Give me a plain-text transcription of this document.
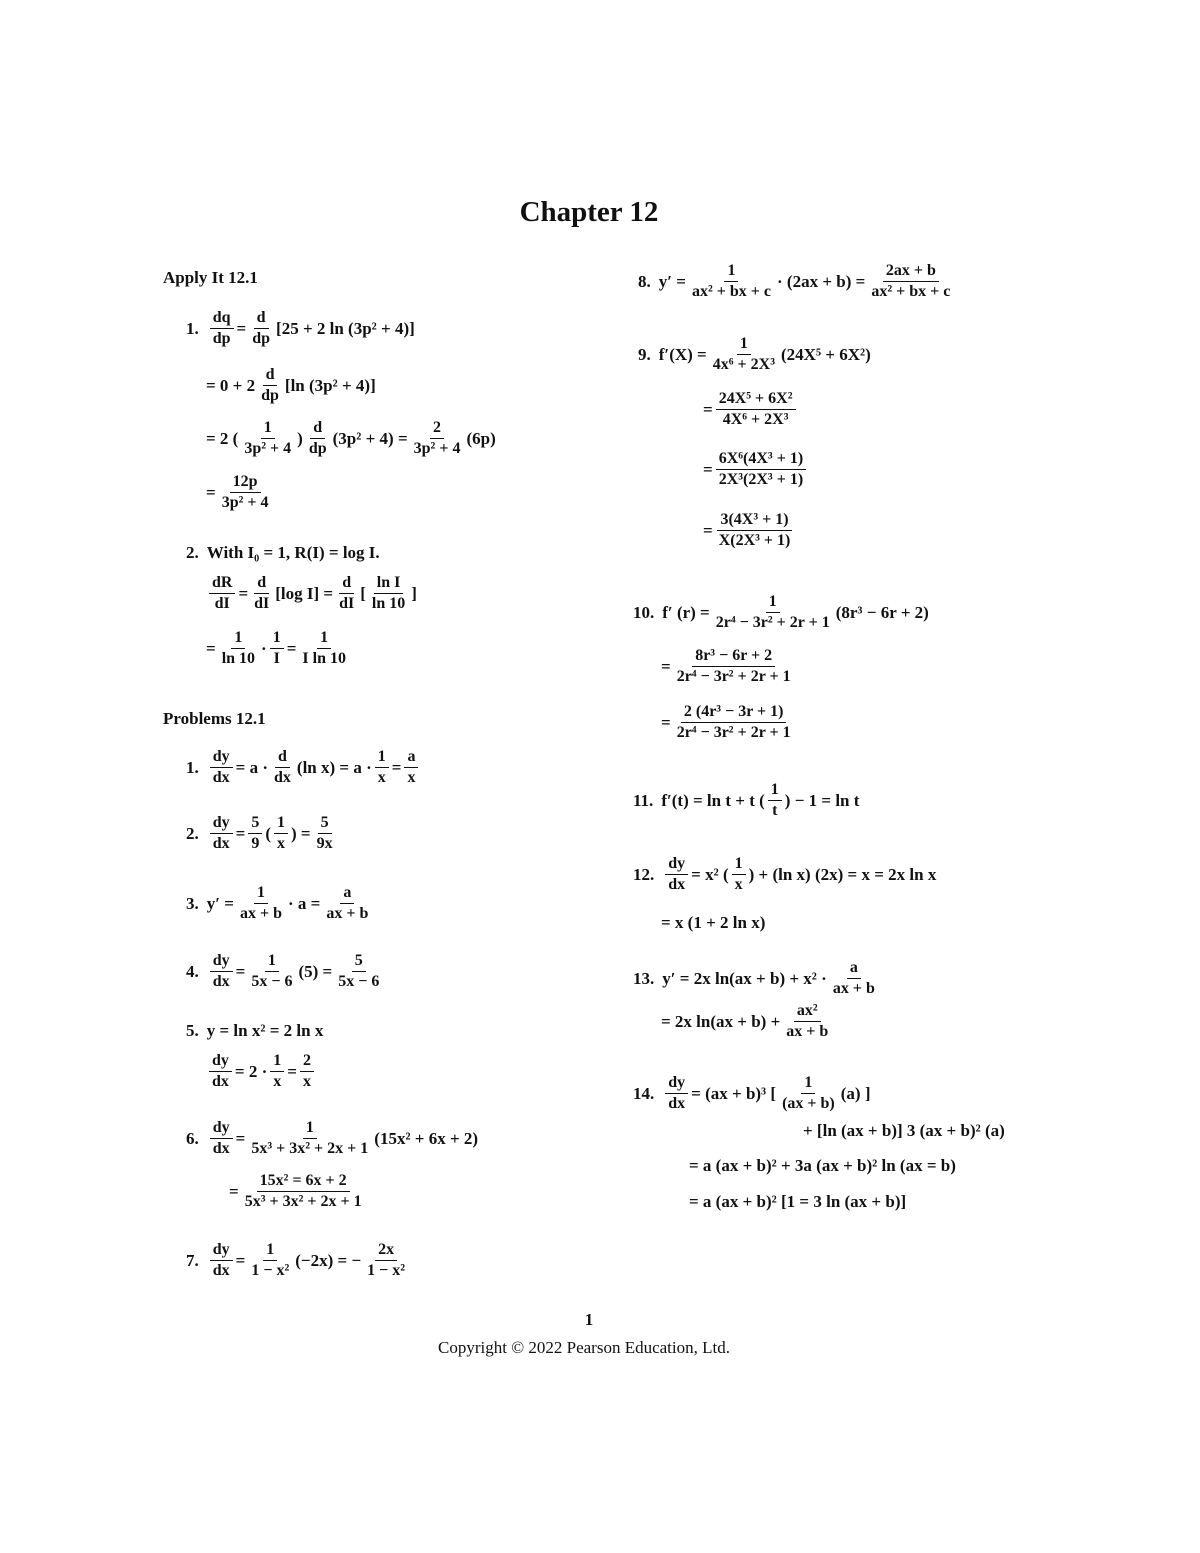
Chapter 12
Apply It 12.1
Problems 12.1
1. $\frac{dq}{dp} = \frac{d}{dp} [25 + 2$ ln (3p² + 4)]
= $0 + 2 \frac{d}{dp} [\ln$ (3p² + 4)]
= 2 ( $\frac{1}{\text{3p² + 4}}$ ) $\frac{d}{dp} (3p^2 + 4) = \frac{2}{\text{3p² + 4}} (6p)$
= $\frac{12p}{\text{3p² + 4}}$
2. With I₀ = 1, R(I) = log I.
$\frac{dR}{dI} = \frac{d}{dI} [\log$ $I] = \frac{d}{dI}$ [ $\frac{\text{ln I}}{\ln 10}$ ]
= $\frac{1}{\ln 10} \cdot \frac{1}{I} = \frac{1}{\text{I ln 10}}$
1. $\frac{dy}{dx} = a \cdot \frac{d}{dx} (\ln$ $x) = a \cdot \frac{1}{x} = \frac{a}{x}$
2. $\frac{dy}{dx} = \frac{5}{9}$ ( $\frac{1}{x}$ ) = $\frac{5}{9x}$
3. $y' = \frac{1}{ax + b} \cdot a = \frac{a}{ax + b}$
4. $\frac{dy}{dx} = \frac{1}{5x - 6} (5) = \frac{5}{5x - 6}$
5. y = ln x² = 2 ln x
$\frac{dy}{dx} = 2 \cdot \frac{1}{x} = \frac{2}{x}$
6. $\frac{dy}{dx} = \frac{1}{\text{5x³ + 3x² + 2x + 1}} (15x^2 + 6x + 2)$
= $\frac{\text{15x² = 6x + 2}}{\text{5x³ + 3x² + 2x + 1}}$
7. $\frac{dy}{dx} = \frac{1}{\text{1 − x²}} (-2x)$ = − $\frac{2x}{\text{1 − x²}}$
8. $y' = \frac{1}{\text{ax² + bx + c}} \cdot (2ax + b) = \frac{2ax + b}{\text{ax² + bx + c}}$
9. $f'(X) = \frac{1}{\text{4x⁶ + 2X³}} (24X^5 + 6X^2)$
= $\frac{\text{24X⁵ + 6X²}}{\text{4X⁶ + 2X³}}$
= $\frac{\text{6X⁶(4X³ + 1)}}{\text{2X³(2X³ + 1)}}$
= $\frac{\text{3(4X³ + 1)}}{\text{X(2X³ + 1)}}$
10. f′ $(r) = \frac{1}{\text{2r⁴ − 3r² + 2r + 1}} (8r^3 - 6r + 2)$
= $\frac{\text{8r³ − 6r + 2}}{\text{2r⁴ − 3r² + 2r + 1}}$
= $\frac{\text{2 (4r³ − 3r + 1)}}{\text{2r⁴ − 3r² + 2r + 1}}$
11. f′(t) = ln t + t ( $\frac{1}{t}$ ) − 1 = ln t
12. $\frac{dy}{dx} = x^2$ ( $\frac{1}{x}$ ) + (ln x) (2x) = x = 2x ln x
= x (1 + 2 ln x)
13. y′ = 2x $\ln(ax + b) + x^2 \cdot \frac{a}{ax + b}$
= 2x $\ln(ax + b) + \frac{\text{ax²}}{ax + b}$
14. $\frac{dy}{dx} = (ax + b)^3$ [ $\frac{1}{(ax + b)} (a)$ ]
+ [ln (ax + b)] 3 (ax + b)² (a)
= a (ax + b)² + 3a (ax + b)² ln (ax = b)
= a (ax + b)² [1 = 3 ln (ax + b)]
1
Copyright © 2022 Pearson Education, Ltd.
